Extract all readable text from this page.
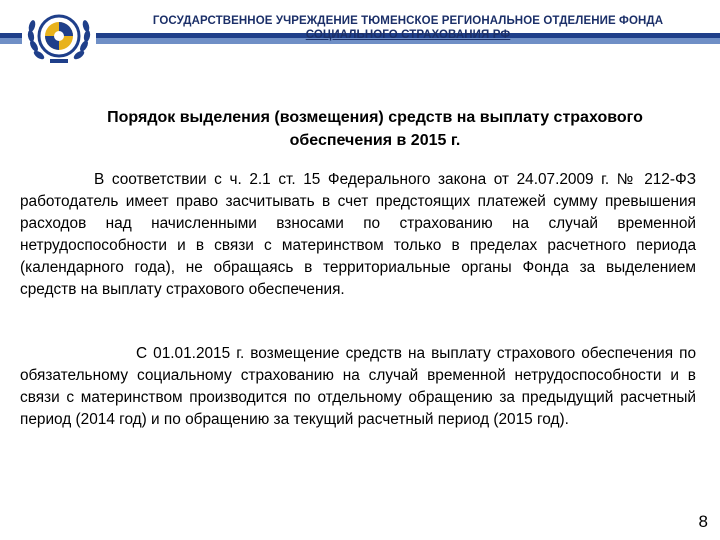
ГОСУДАРСТВЕННОЕ УЧРЕЖДЕНИЕ ТЮМЕНСКОЕ РЕГИОНАЛЬНОЕ ОТДЕЛЕНИЕ ФОНДА
СОЦИАЛЬНОГО СТРАХОВАНИЯ РФ
Порядок выделения (возмещения) средств на выплату страхового
обеспечения в 2015 г.
В соответствии с ч. 2.1 ст. 15 Федерального закона от 24.07.2009 г. № 212-ФЗ работодатель имеет право засчитывать в счет предстоящих платежей сумму превышения расходов над начисленными взносами по страхованию на случай временной нетрудоспособности и в связи с материнством только в пределах расчетного периода (календарного года), не обращаясь в территориальные органы Фонда за выделением средств на выплату страхового обеспечения.
С 01.01.2015 г. возмещение средств на выплату страхового обеспечения по обязательному социальному страхованию на случай временной нетрудоспособности и в связи с материнством производится по отдельному обращению за предыдущий расчетный период (2014 год) и по обращению за текущий расчетный период (2015 год).
8
